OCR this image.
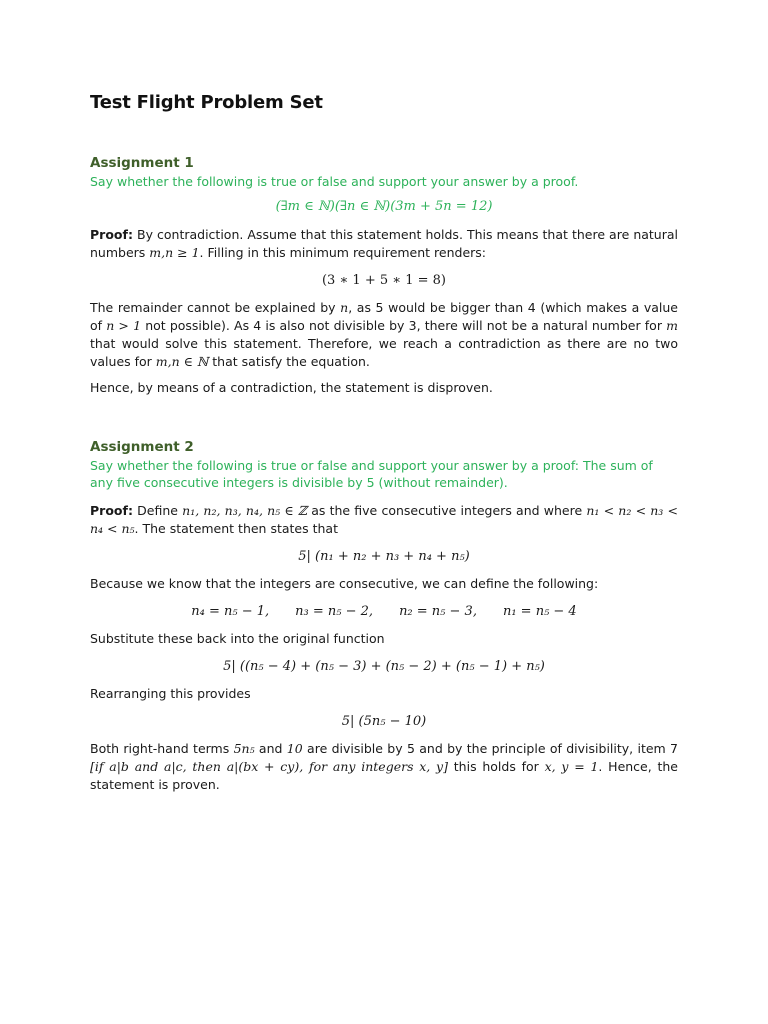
Test Flight Problem Set
Assignment 1
Say whether the following is true or false and support your answer by a proof.
(∃m ∈ ℕ)(∃n ∈ ℕ)(3m + 5n = 12)

Proof: By contradiction. Assume that this statement holds. This means that there are natural numbers m,n ≥ 1. Filling in this minimum requirement renders:

(3 ∗ 1 + 5 ∗ 1 = 8)

The remainder cannot be explained by n, as 5 would be bigger than 4 (which makes a value of n > 1 not possible). As 4 is also not divisible by 3, there will not be a natural number for m that would solve this statement. Therefore, we reach a contradiction as there are no two values for m,n ∈ ℕ that satisfy the equation.

Hence, by means of a contradiction, the statement is disproven.

Assignment 2
Say whether the following is true or false and support your answer by a proof: The sum of any five consecutive integers is divisible by 5 (without remainder).

Proof: Define n₁, n₂, n₃, n₄, n₅ ∈ ℤ as the five consecutive integers and where n₁ < n₂ < n₃ < n₄ < n₅. The statement then states that

5| (n₁ + n₂ + n₃ + n₄ + n₅)

Because we know that the integers are consecutive, we can define the following:

n₄ = n₅ − 1, n₃ = n₅ − 2, n₂ = n₅ − 3, n₁ = n₅ − 4

Substitute these back into the original function

5| ((n₅ − 4) + (n₅ − 3) + (n₅ − 2) + (n₅ − 1) + n₅)

Rearranging this provides

5| (5n₅ − 10)

Both right-hand terms 5n₅ and 10 are divisible by 5 and by the principle of divisibility, item 7 [if a|b and a|c, then a|(bx + cy), for any integers x, y] this holds for x, y = 1. Hence, the statement is proven.
